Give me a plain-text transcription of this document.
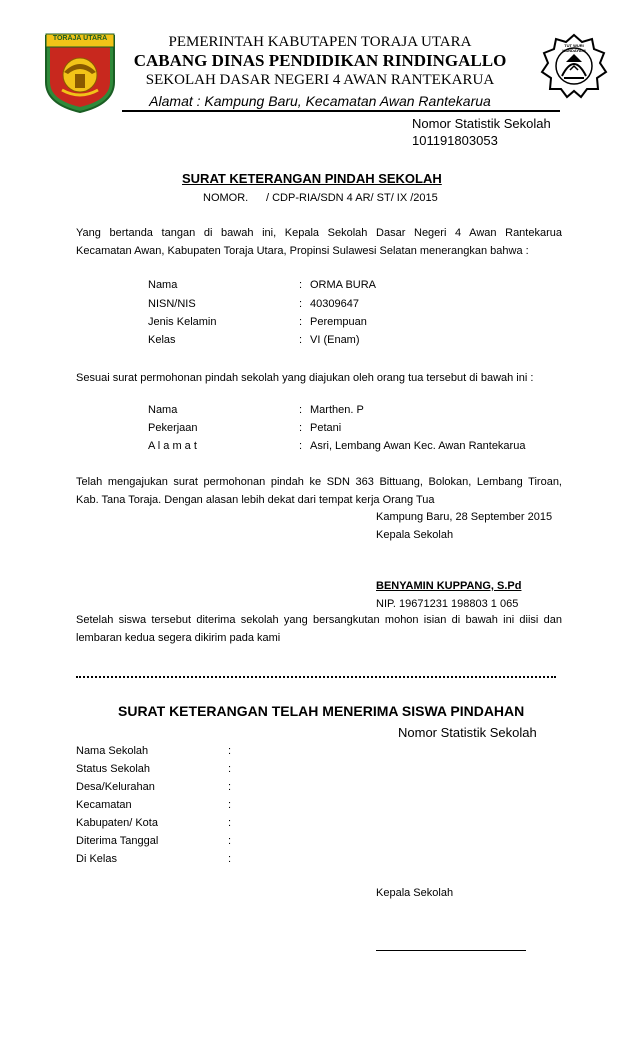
TORAJA UTARA
TUT WURI HANDAYANI
PEMERINTAH KABUTAPEN TORAJA UTARA
CABANG DINAS PENDIDIKAN RINDINGALLO
SEKOLAH DASAR NEGERI 4 AWAN RANTEKARUA
Alamat : Kampung Baru, Kecamatan Awan Rantekarua
Nomor Statistik Sekolah
101191803053
SURAT KETERANGAN PINDAH SEKOLAH
NOMOR. / CDP-RIA/SDN 4 AR/ ST/ IX /2015
Yang bertanda tangan di bawah ini, Kepala Sekolah Dasar Negeri 4 Awan Rantekarua
Kecamatan Awan, Kabupaten Toraja Utara, Propinsi Sulawesi Selatan menerangkan bahwa :
Nama	: ORMA BURA
NISN/NIS	: 40309647
Jenis Kelamin	: Perempuan
Kelas	: VI (Enam)
Sesuai surat permohonan pindah sekolah yang diajukan oleh orang tua tersebut di bawah ini :
Nama	: Marthen. P
Pekerjaan	: Petani
A l a m a t	: Asri, Lembang Awan Kec. Awan Rantekarua
Telah mengajukan surat permohonan pindah ke SDN 363 Bittuang, Bolokan, Lembang Tiroan,
Kab. Tana Toraja. Dengan alasan lebih dekat dari tempat kerja Orang Tua
Kampung Baru, 28 September 2015
Kepala Sekolah
BENYAMIN KUPPANG, S.Pd
NIP. 19671231 198803 1 065
Setelah siswa tersebut diterima sekolah yang bersangkutan mohon isian di bawah ini diisi dan
lembaran kedua segera dikirim pada kami
SURAT KETERANGAN TELAH MENERIMA SISWA PINDAHAN
Nomor Statistik Sekolah
Nama Sekolah	:
Status Sekolah	:
Desa/Kelurahan	:
Kecamatan	:
Kabupaten/ Kota	:
Diterima Tanggal	:
Di Kelas	:
Kepala Sekolah
